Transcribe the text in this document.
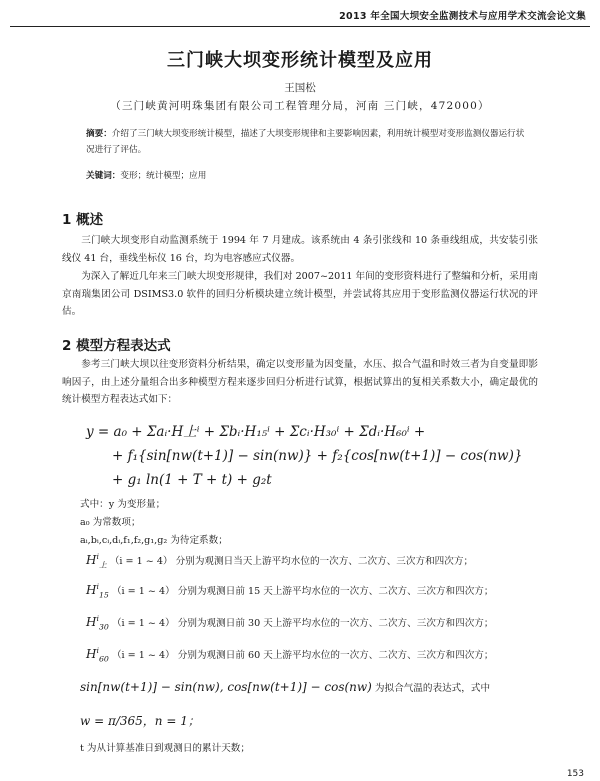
2013 年全国大坝安全监测技术与应用学术交流会论文集
三门峡大坝变形统计模型及应用
王国松
（三门峡黄河明珠集团有限公司工程管理分局，河南 三门峡，472000）
摘要：介绍了三门峡大坝变形统计模型，描述了大坝变形规律和主要影响因素，利用统计模型对变形监测仪器运行状况进行了评估。
关键词：变形；统计模型；应用
1 概述
三门峡大坝变形自动监测系统于 1994 年 7 月建成。该系统由 4 条引张线和 10 条垂线组成，共安装引张线仪 41 台，垂线坐标仪 16 台，均为电容感应式仪器。
为深入了解近几年来三门峡大坝变形规律，我们对 2007~2011 年间的变形资料进行了整编和分析，采用南京南瑞集团公司 DSIMS3.0 软件的回归分析模块建立统计模型，并尝试将其应用于变形监测仪器运行状况的评估。
2 模型方程表达式
参考三门峡大坝以往变形资料分析结果，确定以变形量为因变量，水压、拟合气温和时效三者为自变量即影响因子，由上述分量组合出多种模型方程来逐步回归分析进行试算，根据试算出的复相关系数大小，确定最优的统计模型方程表达式如下：
y = a₀ + Σaᵢ·H上ⁱ + Σbᵢ·H₁₅ⁱ + Σcᵢ·H₃₀ⁱ + Σdᵢ·H₆₀ⁱ +
+ f₁{sin[nw(t+1)] − sin(nw)} + f₂{cos[nw(t+1)] − cos(nw)}
+ g₁ ln(1 + T + t) + g₂t
式中：y 为变形量；
a₀ 为常数项；
aᵢ,bᵢ,cᵢ,dᵢ,f₁,f₂,g₁,g₂ 为待定系数；
$H^i_上$ （i = 1 ~ 4） 分别为观测日当天上游平均水位的一次方、二次方、三次方和四次方；
$H^i_{15}$ （i = 1 ~ 4） 分别为观测日前 15 天上游平均水位的一次方、二次方、三次方和四次方；
$H^i_{30}$ （i = 1 ~ 4） 分别为观测日前 30 天上游平均水位的一次方、二次方、三次方和四次方；
$H^i_{60}$ （i = 1 ~ 4） 分别为观测日前 60 天上游平均水位的一次方、二次方、三次方和四次方；
sin[nw(t+1)] − sin(nw), cos[nw(t+1)] − cos(nw) 为拟合气温的表达式，式中
w = π/365，n = 1；
t 为从计算基准日到观测日的累计天数；
153
